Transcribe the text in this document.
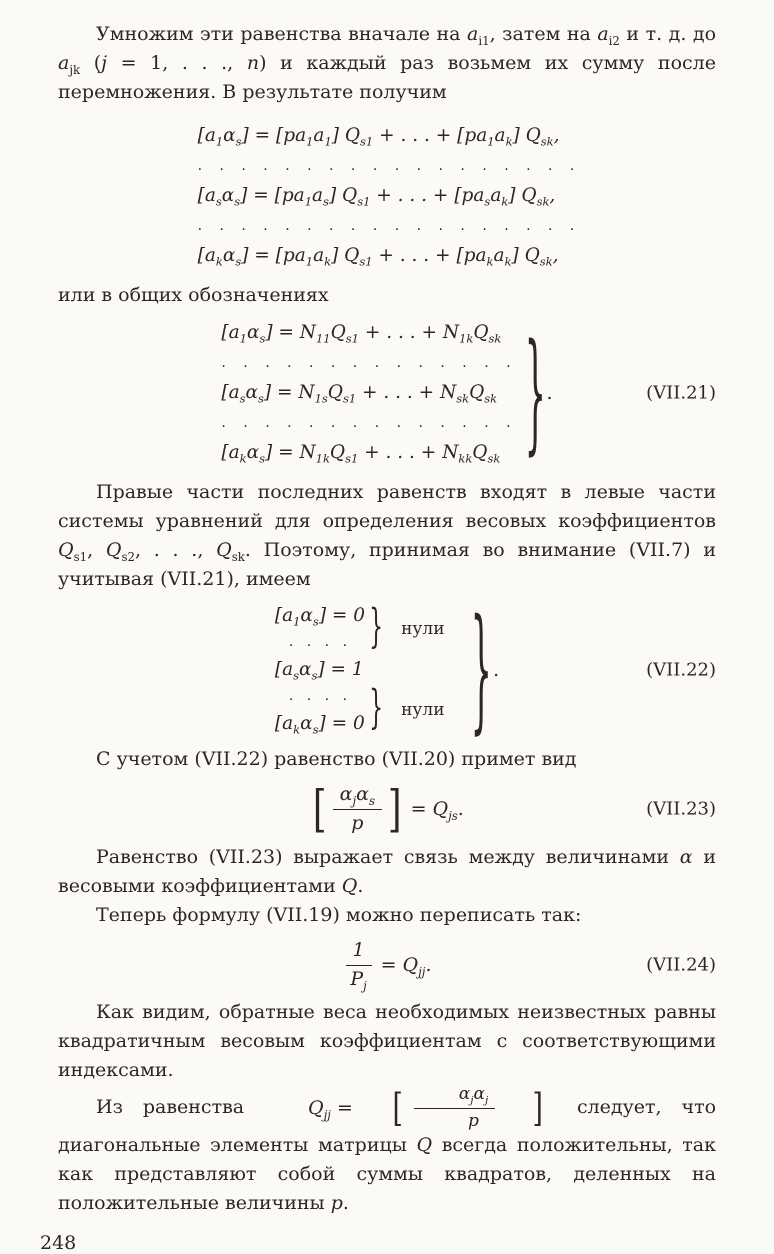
Умножим эти равенства вначале на $a_{i1}$, затем на $a_{i2}$ и т. д. до $a_{jk}$ (j = 1, . . ., n) и каждый раз возьмем их сумму после перемножения. В результате получим

$[a_1\alpha_s] = [pa_1a_1] Q_{s1}$ + . . . + $[pa_1a_k]$ $Q_{sk}$,
. . . . . . . . . . . . . . . . . .
$[a_s\alpha_s] = [pa_1a_s] Q_{s1}$ + . . . + $[pa_sa_k]$ $Q_{sk}$,
. . . . . . . . . . . . . . . . . .
$[a_k\alpha_s] = [pa_1a_k] Q_{s1}$ + . . . + $[pa_ka_k]$ $Q_{sk}$,

или в общих обозначениях

$[a_1\alpha_s] = N_{11}Q_{s1}$ + . . . + $N_{1k}Q_{sk}$
. . . . . . . . . . . . . .
$[a_s\alpha_s] = N_{1s}Q_{s1}$ + . . . + $N_{sk}Q_{sk}$
. . . . . . . . . . . . . .
$[a_k\alpha_s] = N_{1k}Q_{s1}$ + . . . + $N_{kk}Q_{sk}$ } .	(VII.21)

Правые части последних равенств входят в левые части системы уравнений для определения весовых коэффициентов $Q_{s1}$, $Q_{s2}$, . . ., $Q_{sk}$. Поэтому, принимая во внимание (VII.7) и учитывая (VII.21), имеем

$[a_1\alpha_s] = 0$
. . . .
$[a_s\alpha_s] = 1$
. . . .
$[a_k\alpha_s] = 0$
} нули
} нули } .	(VII.22)

С учетом (VII.22) равенство (VII.20) примет вид

[ $\frac{\alpha_j\alpha_s}{p}$ ] = $Q_{js}$.	(VII.23)

Равенство (VII.23) выражает связь между величинами α и весовыми коэффициентами Q.

Теперь формулу (VII.19) можно переписать так:

$\frac{1}{P_j} = Q_{jj}$.	(VII.24)

Как видим, обратные веса необходимых неизвестных равны квадратичным весовым коэффициентам с соответствующими индексами.

Из равенства	$Q_{jj}$ =	[ $\frac{\alpha_j\alpha_j}{p}$ ] следует, что диагональные элементы матрицы Q всегда положительны, так как представляют собой суммы квадратов, деленных на положительные величины p.

248
